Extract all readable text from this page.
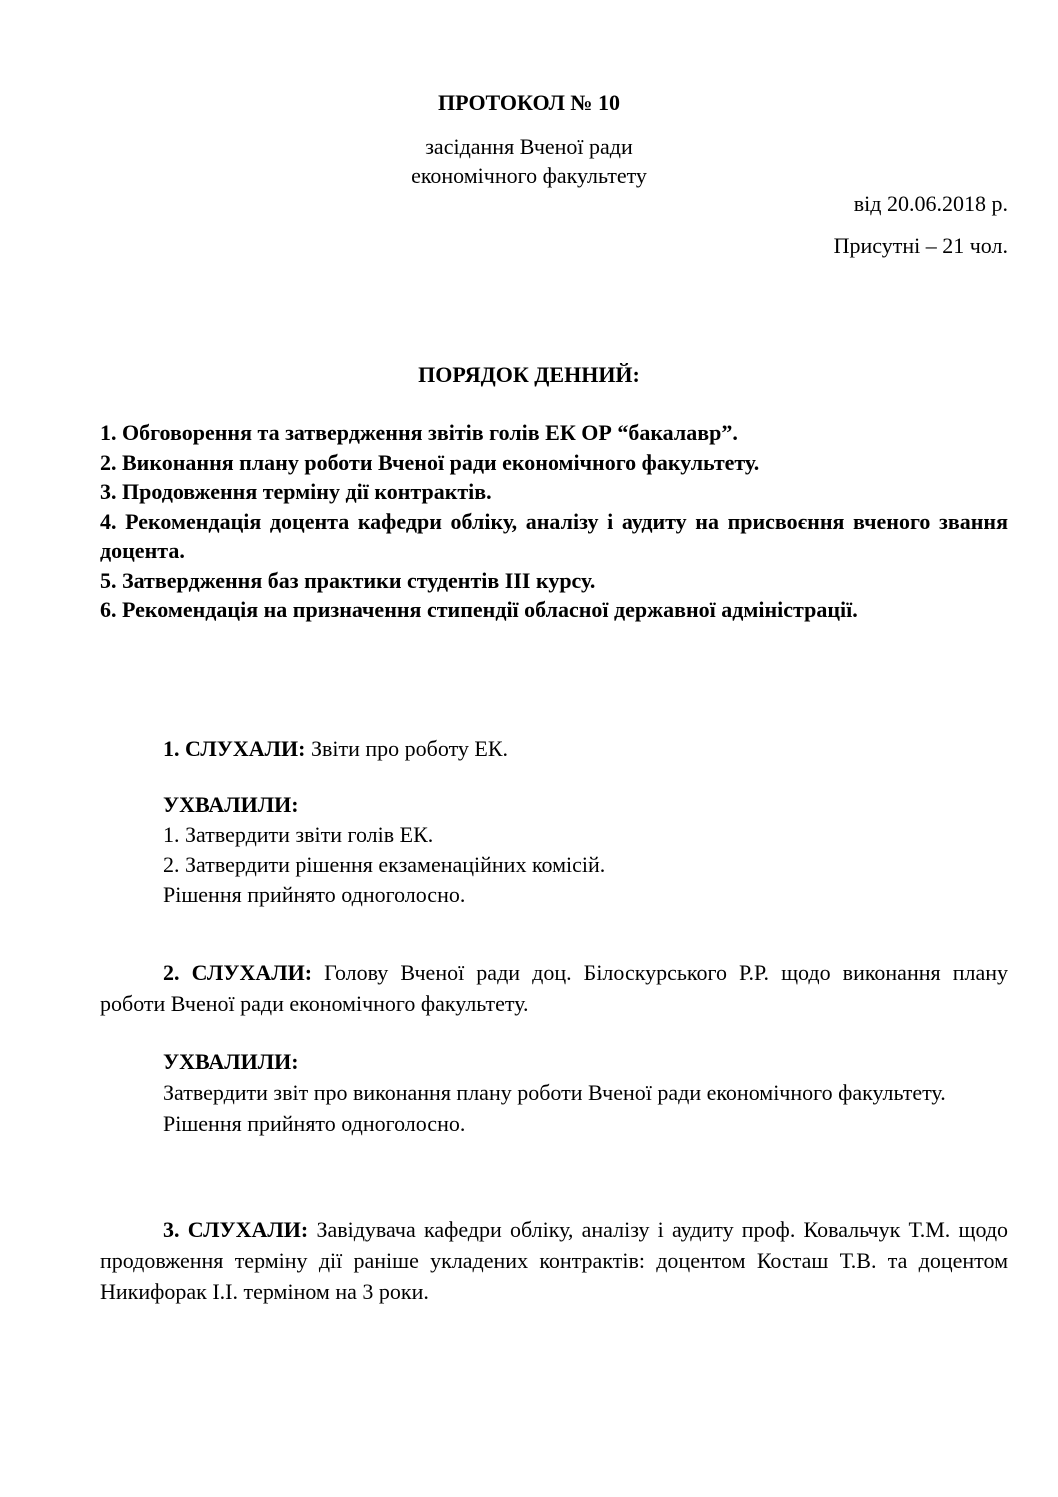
ПРОТОКОЛ № 10
засідання Вченої ради
економічного факультету
від 20.06.2018 р.
Присутні – 21 чол.
ПОРЯДОК ДЕННИЙ:
1. Обговорення та затвердження звітів голів ЕК ОР “бакалавр”.
2. Виконання плану роботи Вченої ради економічного факультету.
3. Продовження терміну дії контрактів.
4. Рекомендація доцента кафедри обліку, аналізу і аудиту на присвоєння вченого звання доцента.
5. Затвердження баз практики студентів ІІІ курсу.
6. Рекомендація на призначення стипендії обласної державної адміністрації.
1. СЛУХАЛИ: Звіти про роботу ЕК.
УХВАЛИЛИ:
1. Затвердити звіти голів ЕК.
2. Затвердити рішення екзаменаційних комісій.
Рішення прийнято одноголосно.
2. СЛУХАЛИ: Голову Вченої ради доц. Білоскурського Р.Р. щодо виконання плану роботи Вченої ради економічного факультету.
УХВАЛИЛИ:
Затвердити звіт про виконання плану роботи Вченої ради економічного факультету.
Рішення прийнято одноголосно.
3. СЛУХАЛИ: Завідувача кафедри обліку, аналізу і аудиту проф. Ковальчук Т.М. щодо продовження терміну дії раніше укладених контрактів: доцентом Косташ Т.В. та доцентом Никифорак І.І. терміном на 3 роки.
